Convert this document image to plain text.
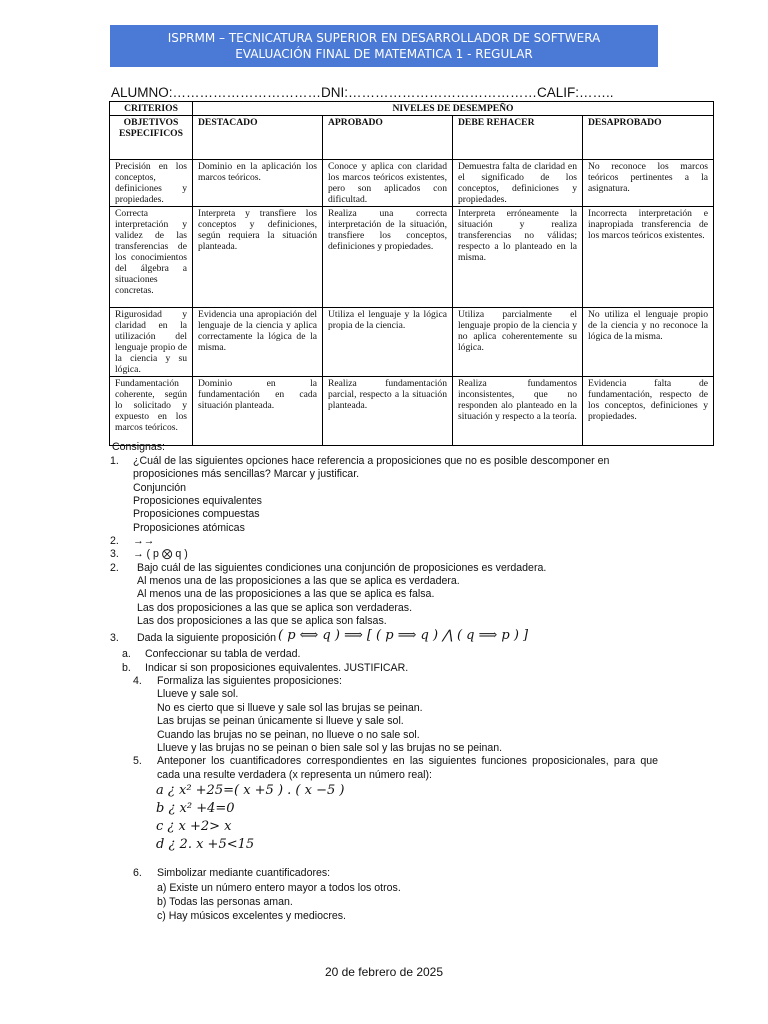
ISPRMM – TECNICATURA SUPERIOR EN DESARROLLADOR DE SOFTWERA
EVALUACIÓN FINAL DE MATEMATICA 1 - REGULAR
ALUMNO:……………………………DNI:……………………………………CALIF:……..
CRITERIOS	NIVELES DE DESEMPEÑO			
OBJETIVOS ESPECIFICOS	DESTACADO	APROBADO	DEBE REHACER	DESAPROBADO
Precisión en los conceptos, definiciones y propiedades.	Dominio en la aplicación los marcos teóricos.	Conoce y aplica con claridad los marcos teóricos existentes, pero son aplicados con dificultad.	Demuestra falta de claridad en el significado de los conceptos, definiciones y propiedades.	No reconoce los marcos teóricos pertinentes a la asignatura.
Correcta interpretación y validez de las transferencias de los conocimientos del álgebra a situaciones concretas.	Interpreta y transfiere los conceptos y definiciones, según requiera la situación planteada.	Realiza una correcta interpretación de la situación, transfiere los conceptos, definiciones y propiedades.	Interpreta erróneamente la situación y realiza transferencias no válidas; respecto a lo planteado en la misma.	Incorrecta interpretación e inapropiada transferencia de los marcos teóricos existentes.
Rigurosidad y claridad en la utilización del lenguaje propio de la ciencia y su lógica.	Evidencia una apropiación del lenguaje de la ciencia y aplica correctamente la lógica de la misma.	Utiliza el lenguaje y la lógica propia de la ciencia.	Utiliza parcialmente el lenguaje propio de la ciencia y no aplica coherentemente su lógica.	No utiliza el lenguaje propio de la ciencia y no reconoce la lógica de la misma.
Fundamentación coherente, según lo solicitado y expuesto en los marcos teóricos.	Dominio en la fundamentación en cada situación planteada.	Realiza fundamentación parcial, respecto a la situación planteada.	Realiza fundamentos inconsistentes, que no responden alo planteado en la situación y respecto a la teoría.	Evidencia falta de fundamentación, respecto de los conceptos, definiciones y propiedades.
Consignas:
1. ¿Cuál de las siguientes opciones hace referencia a proposiciones que no es posible descomponer en
proposiciones más sencillas? Marcar y justificar.
Conjunción
Proposiciones equivalentes
Proposiciones compuestas
Proposiciones atómicas
2. →→
3. → ( p ⨂ q )
2. Bajo cuál de las siguientes condiciones una conjunción de proposiciones es verdadera.
Al menos una de las proposiciones a las que se aplica es verdadera.
Al menos una de las proposiciones a las que se aplica es falsa.
Las dos proposiciones a las que se aplica son verdaderas.
Las dos proposiciones a las que se aplica son falsas.
3. Dada la siguiente proposición ( p ⟺ q ) ⟹ [ ( p ⟹ q ) ⋀ ( q ⟹ p ) ]
a. Confeccionar su tabla de verdad.
b. Indicar si son proposiciones equivalentes. JUSTIFICAR.
4. Formaliza las siguientes proposiciones:
Llueve y sale sol.
No es cierto que si llueve y sale sol las brujas se peinan.
Las brujas se peinan únicamente si llueve y sale sol.
Cuando las brujas no se peinan, no llueve o no sale sol.
Llueve y las brujas no se peinan o bien sale sol y las brujas no se peinan.
5. Anteponer los cuantificadores correspondientes en las siguientes funciones proposicionales, para que
cada una resulte verdadera (x representa un número real):
a ¿ x² +25=( x +5 ) . ( x −5 )
b ¿ x² +4=0
c ¿ x +2> x
d ¿ 2. x +5<15
6. Simbolizar mediante cuantificadores:
a) Existe un número entero mayor a todos los otros.
b) Todas las personas aman.
c) Hay músicos excelentes y mediocres.
20 de febrero de 2025
